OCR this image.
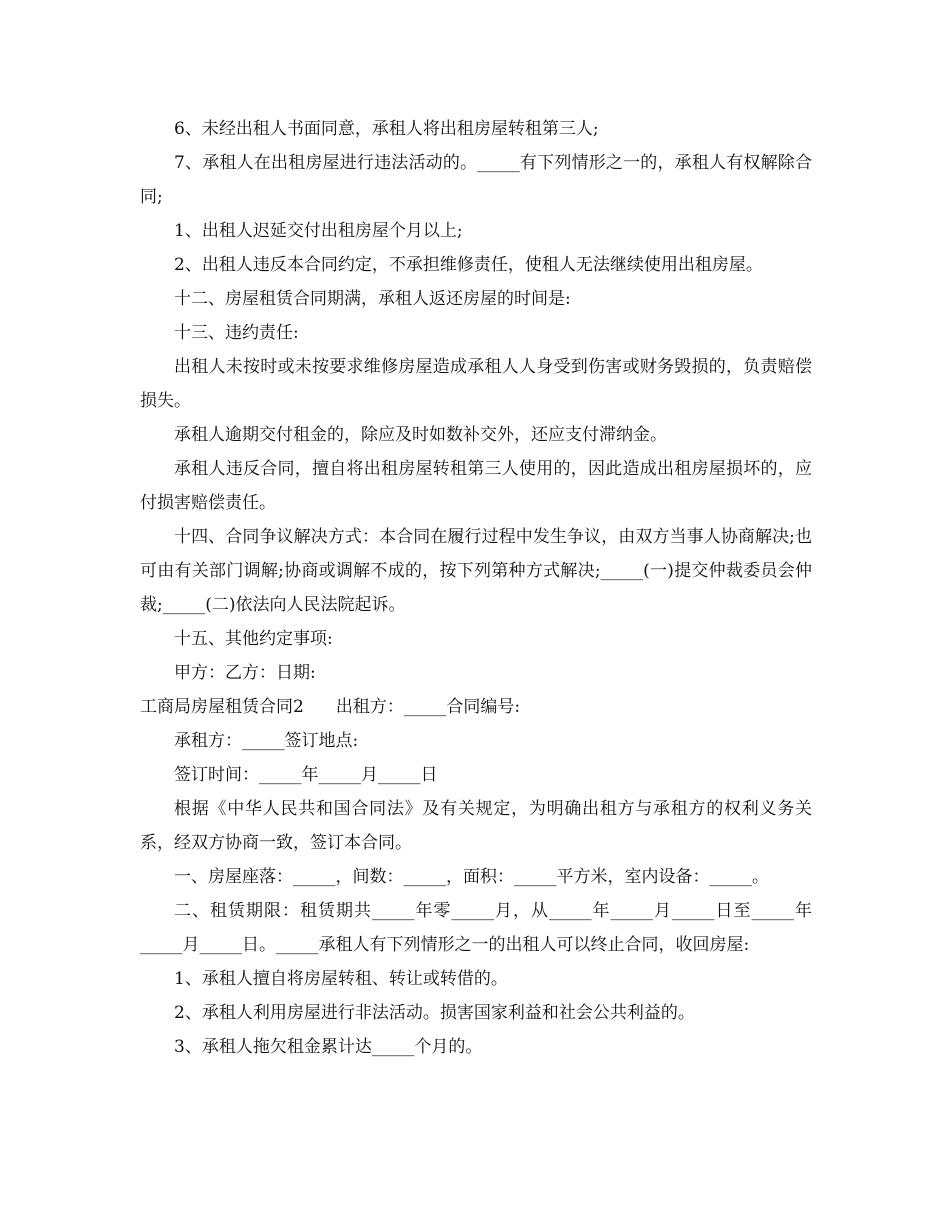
6、未经出租人书面同意，承租人将出租房屋转租第三人;

7、承租人在出租房屋进行违法活动的。_____有下列情形之一的，承租人有权解除合同;

1、出租人迟延交付出租房屋个月以上;

2、出租人违反本合同约定，不承担维修责任，使租人无法继续使用出租房屋。

十二、房屋租赁合同期满，承租人返还房屋的时间是:

十三、违约责任:

出租人未按时或未按要求维修房屋造成承租人人身受到伤害或财务毁损的，负责赔偿损失。

承租人逾期交付租金的，除应及时如数补交外，还应支付滞纳金。

承租人违反合同，擅自将出租房屋转租第三人使用的，因此造成出租房屋损坏的，应付损害赔偿责任。

十四、合同争议解决方式：本合同在履行过程中发生争议，由双方当事人协商解决;也可由有关部门调解;协商或调解不成的，按下列第种方式解决;_____(一)提交仲裁委员会仲裁;_____(二)依法向人民法院起诉。

十五、其他约定事项:

甲方：乙方：日期:

工商局房屋租赁合同2 出租方：_____合同编号:

承租方：_____签订地点:

签订时间：_____年_____月_____日

根据《中华人民共和国合同法》及有关规定，为明确出租方与承租方的权利义务关系，经双方协商一致，签订本合同。

一、房屋座落：_____，间数：_____，面积：_____平方米，室内设备：_____。

二、租赁期限：租赁期共_____年零_____月，从_____年_____月_____日至_____年_____月_____日。_____承租人有下列情形之一的出租人可以终止合同，收回房屋:

1、承租人擅自将房屋转租、转让或转借的。

2、承租人利用房屋进行非法活动。损害国家利益和社会公共利益的。

3、承租人拖欠租金累计达_____个月的。
